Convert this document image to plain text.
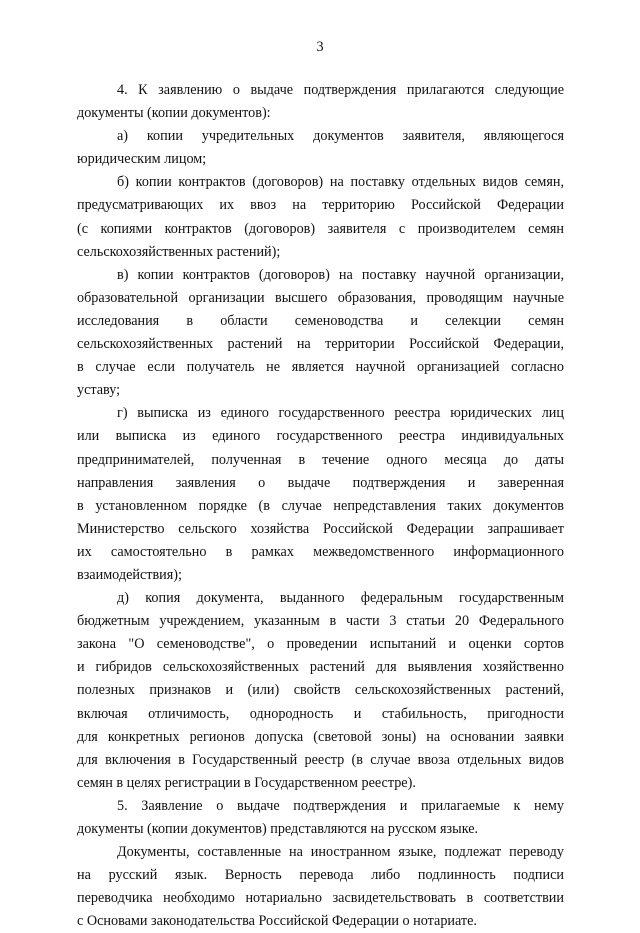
3
4. К заявлению о выдаче подтверждения прилагаются следующие
документы (копии документов):
а) копии учредительных документов заявителя, являющегося
юридическим лицом;
б) копии контрактов (договоров) на поставку отдельных видов семян,
предусматривающих их ввоз на территорию Российской Федерации
(с копиями контрактов (договоров) заявителя с производителем семян
сельскохозяйственных растений);
в) копии контрактов (договоров) на поставку научной организации,
образовательной организации высшего образования, проводящим научные
исследования в области семеноводства и селекции семян
сельскохозяйственных растений на территории Российской Федерации,
в случае если получатель не является научной организацией согласно
уставу;
г) выписка из единого государственного реестра юридических лиц
или выписка из единого государственного реестра индивидуальных
предпринимателей, полученная в течение одного месяца до даты
направления заявления о выдаче подтверждения и заверенная
в установленном порядке (в случае непредставления таких документов
Министерство сельского хозяйства Российской Федерации запрашивает
их самостоятельно в рамках межведомственного информационного
взаимодействия);
д) копия документа, выданного федеральным государственным
бюджетным учреждением, указанным в части 3 статьи 20 Федерального
закона "О семеноводстве", о проведении испытаний и оценки сортов
и гибридов сельскохозяйственных растений для выявления хозяйственно
полезных признаков и (или) свойств сельскохозяйственных растений,
включая отличимость, однородность и стабильность, пригодности
для конкретных регионов допуска (световой зоны) на основании заявки
для включения в Государственный реестр (в случае ввоза отдельных видов
семян в целях регистрации в Государственном реестре).
5. Заявление о выдаче подтверждения и прилагаемые к нему
документы (копии документов) представляются на русском языке.
Документы, составленные на иностранном языке, подлежат переводу
на русский язык. Верность перевода либо подлинность подписи
переводчика необходимо нотариально засвидетельствовать в соответствии
с Основами законодательства Российской Федерации о нотариате.
